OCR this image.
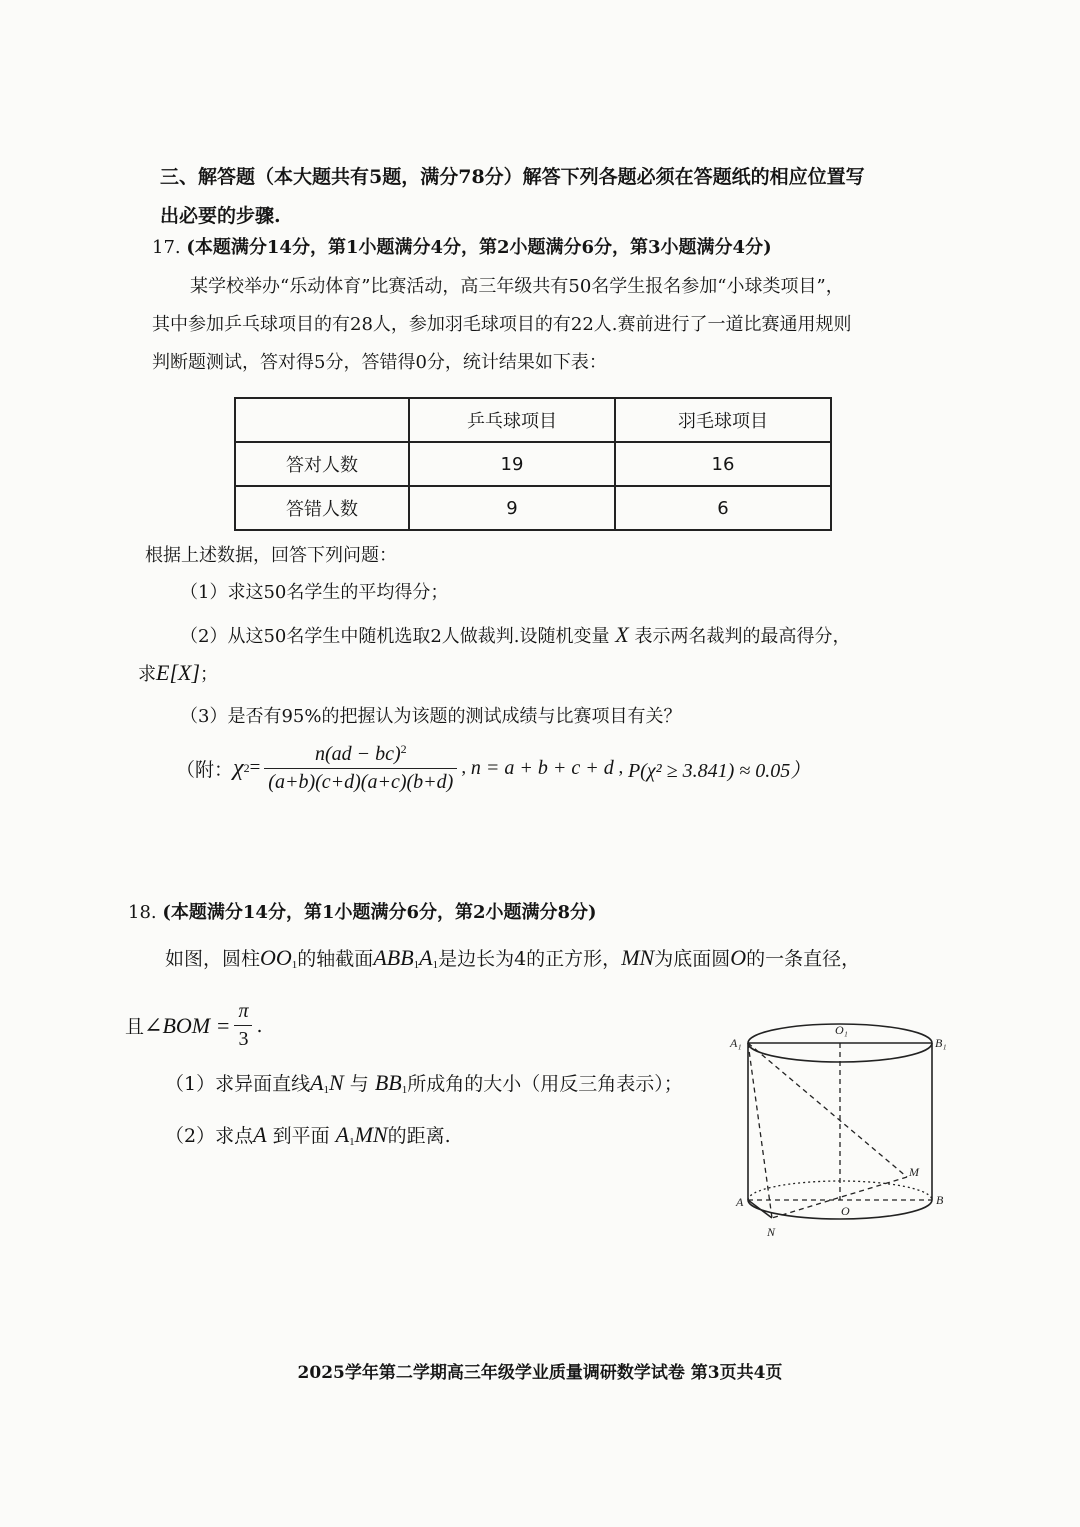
三、解答题（本大题共有5题，满分78分）解答下列各题必须在答题纸的相应位置写
出必要的步骤.
17. (本题满分14分，第1小题满分4分，第2小题满分6分，第3小题满分4分)
某学校举办“乐动体育”比赛活动，高三年级共有50名学生报名参加“小球类项目”，
其中参加乒乓球项目的有28人，参加羽毛球项目的有22人.赛前进行了一道比赛通用规则
判断题测试，答对得5分，答错得0分，统计结果如下表：
	乒乓球项目	羽毛球项目
答对人数	19	16
答错人数	9	6
根据上述数据，回答下列问题：
（1）求这50名学生的平均得分；
（2）从这50名学生中随机选取2人做裁判.设随机变量 X 表示两名裁判的最高得分，
求E[X]；
（3）是否有95%的把握认为该题的测试成绩与比赛项目有关？
（附： χ $2 = \frac{n(ad - bc)^2}{(a+b)(c+d)(a+c)(b+d)}$ , n = a + b + c + d , P(χ² ≥ 3.841) ≈ 0.05）
18. (本题满分14分，第1小题满分6分，第2小题满分8分)
如图，圆柱$OO_1$的轴截面$ABB_1A_1$是边长为4的正方形，MN为底面圆O的一条直径，
且 ∠BOM = $\frac{\pi}{3}$ .
（1）求异面直线$A_1N$ 与 $BB_1$所成角的大小（用反三角表示）；
（2）求点A 到平面 $A_1MN$的距离.
A₁
O₁
B₁
A
O
B
M
N
2025学年第二学期高三年级学业质量调研数学试卷 第3页共4页
